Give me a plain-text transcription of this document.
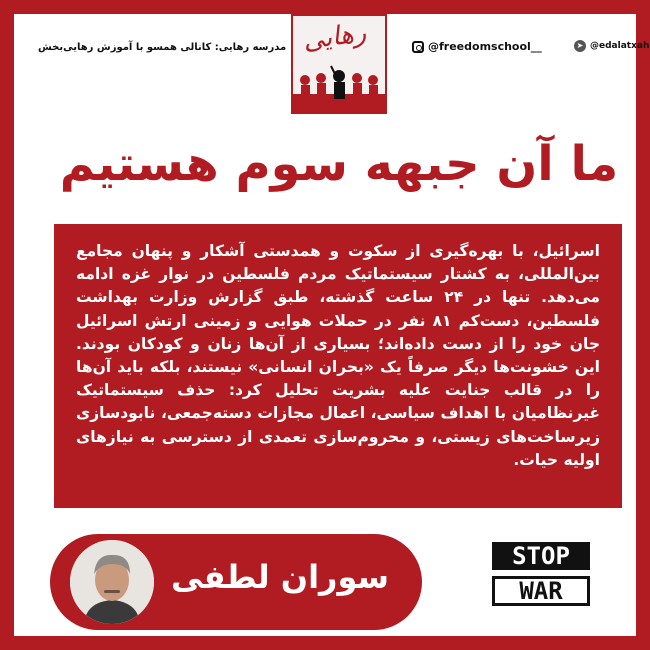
مدرسه رهایی: کانالی همسو با آموزش رهایی‌بخش رهایی	@freedomschool__	➤ @edalatxah
ما آن جبهه سوم هستیم
اسرائیل، با بهره‌گیری از سکوت و همدستی آشکار و پنهان مجامع بین‌المللی، به کشتار سیستماتیک مردم فلسطین در نوار غزه ادامه می‌دهد. تنها در ۲۴ ساعت گذشته، طبق گزارش وزارت بهداشت فلسطین، دست‌کم ۸۱ نفر در حملات هوایی و زمینی ارتش اسرائیل جان خود را از دست داده‌اند؛ بسیاری از آن‌ها زنان و کودکان بودند. این خشونت‌ها دیگر صرفاً یک «بحران انسانی» نیستند، بلکه باید آن‌ها را در قالب جنایت علیه بشریت تحلیل کرد: حذف سیستماتیک غیرنظامیان با اهداف سیاسی، اعمال مجازات دسته‌جمعی، نابودسازی زیرساخت‌های زیستی، و محروم‌سازی تعمدی از دسترسی به نیازهای اولیه حیات.
سوران لطفی
STOP
WAR
